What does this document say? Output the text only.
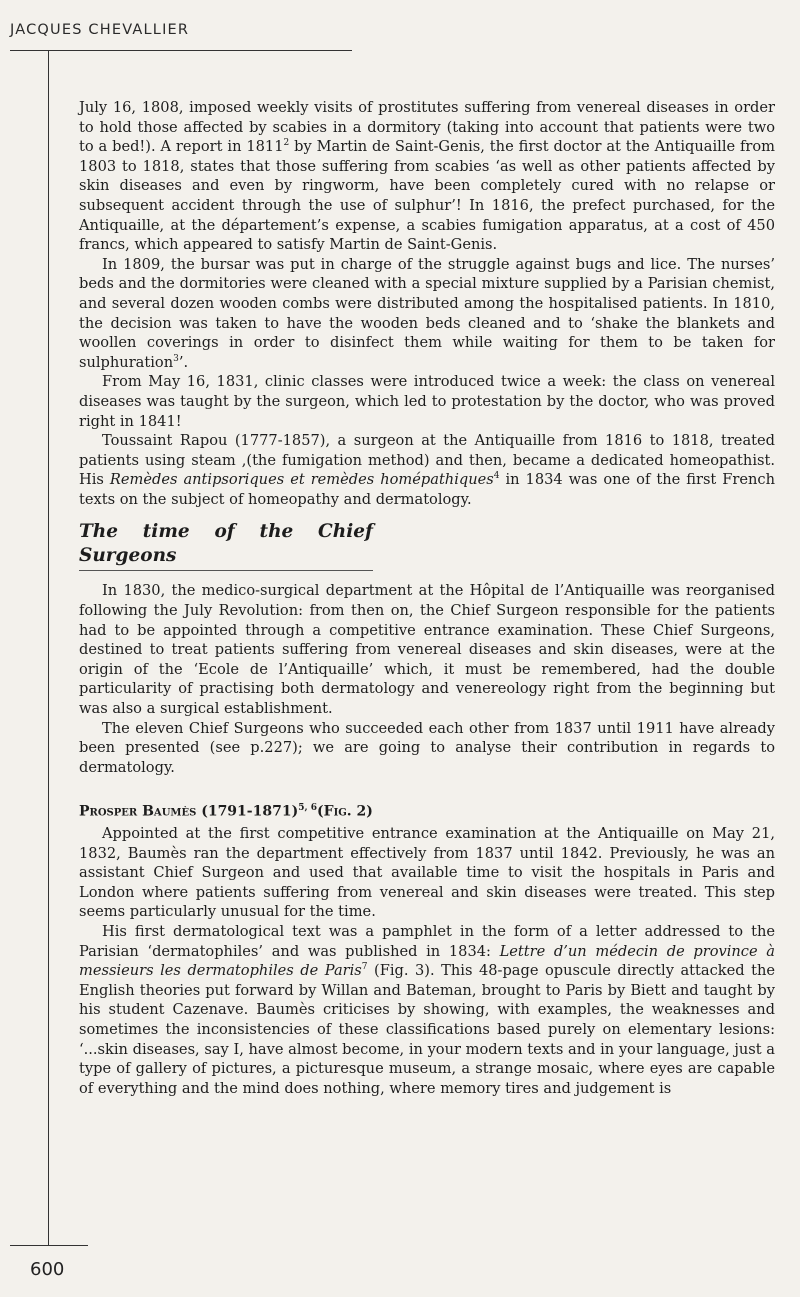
JACQUES CHEVALLIER

July 16, 1808, imposed weekly visits of prostitutes suffering from venereal diseases in order to hold those affected by scabies in a dormitory (taking into account that patients were two to a bed!). A report in 1811$^2$ by Martin de Saint-Genis, the first doctor at the Antiquaille from 1803 to 1818, states that those suffering from scabies ‘as well as other patients affected by skin diseases and even by ringworm, have been completely cured with no relapse or subsequent accident through the use of sulphur’! In 1816, the prefect purchased, for the Antiquaille, at the département’s expense, a scabies fumigation apparatus, at a cost of 450 francs, which appeared to satisfy Martin de Saint-Genis.

In 1809, the bursar was put in charge of the struggle against bugs and lice. The nurses’ beds and the dormitories were cleaned with a special mixture supplied by a Parisian chemist, and several dozen wooden combs were distributed among the hospitalised patients. In 1810, the decision was taken to have the wooden beds cleaned and to ‘shake the blankets and woollen coverings in order to disinfect them while waiting for them to be taken for sulphuration$^3$’.

From May 16, 1831, clinic classes were introduced twice a week: the class on venereal diseases was taught by the surgeon, which led to protestation by the doctor, who was proved right in 1841!

Toussaint Rapou (1777-1857), a surgeon at the Antiquaille from 1816 to 1818, treated patients using steam ,(the fumigation method) and then, became a dedicated homeopathist. His Remèdes antipsoriques et remèdes homépathiques$^4$ in 1834 was one of the first French texts on the subject of homeopathy and dermatology.

The time of the Chief Surgeons

In 1830, the medico-surgical department at the Hôpital de l’Antiquaille was reorganised following the July Revolution: from then on, the Chief Surgeon responsible for the patients had to be appointed through a competitive entrance examination. These Chief Surgeons, destined to treat patients suffering from venereal diseases and skin diseases, were at the origin of the ‘Ecole de l’Antiquaille’ which, it must be remembered, had the double particularity of practising both dermatology and venereology right from the beginning but was also a surgical establishment.

The eleven Chief Surgeons who succeeded each other from 1837 until 1911 have already been presented (see p.227); we are going to analyse their contribution in regards to dermatology.

Prosper Baumès (1791-1871)$^{5, 6}$(Fig. 2)

Appointed at the first competitive entrance examination at the Antiquaille on May 21, 1832, Baumès ran the department effectively from 1837 until 1842. Previously, he was an assistant Chief Surgeon and used that available time to visit the hospitals in Paris and London where patients suffering from venereal and skin diseases were treated. This step seems particularly unusual for the time.

His first dermatological text was a pamphlet in the form of a letter addressed to the Parisian ‘dermatophiles’ and was published in 1834: Lettre d’un médecin de province à messieurs les dermatophiles de Paris$^7$ (Fig. 3). This 48-page opuscule directly attacked the English theories put forward by Willan and Bateman, brought to Paris by Biett and taught by his student Cazenave. Baumès criticises by showing, with examples, the weaknesses and sometimes the inconsistencies of these classifications based purely on elementary lesions: ‘...skin diseases, say I, have almost become, in your modern texts and in your language, just a type of gallery of pictures, a picturesque museum, a strange mosaic, where eyes are capable of everything and the mind does nothing, where memory tires and judgement is

600
